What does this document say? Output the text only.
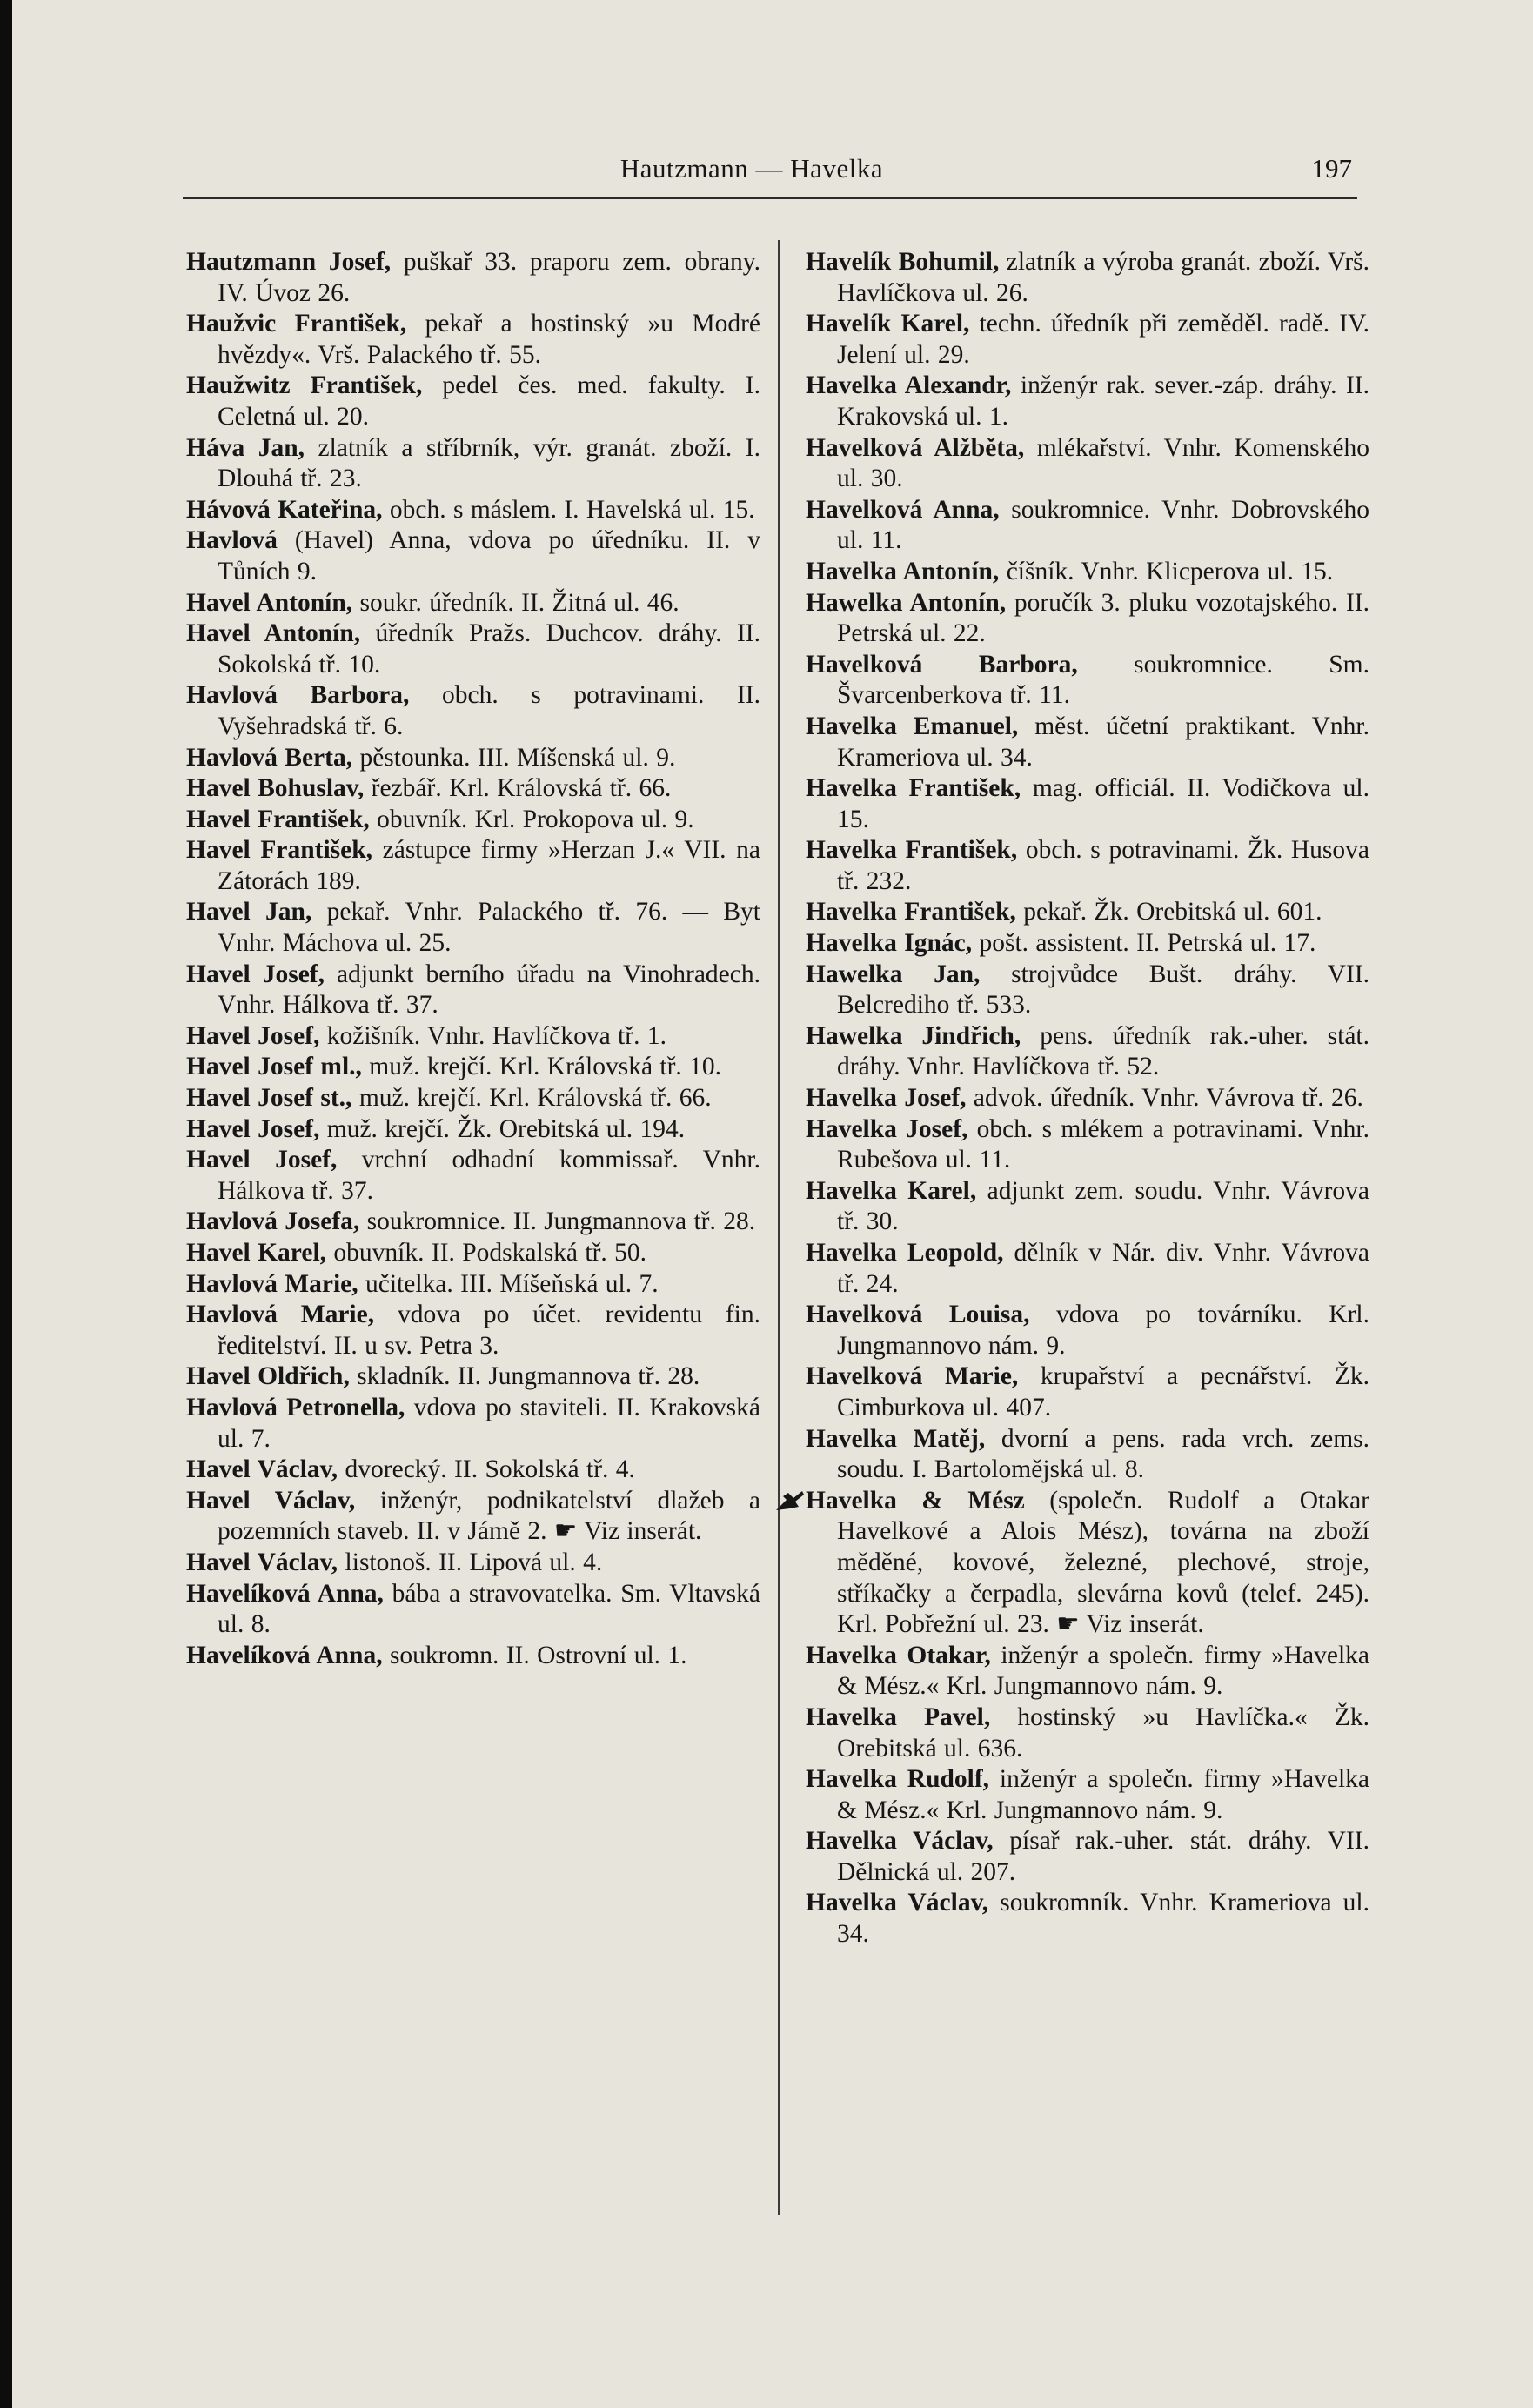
Hautzmann — Havelka	197
Hautzmann Josef, puškař 33. praporu zem. obrany. IV. Úvoz 26.
Haužvic František, pekař a hostinský »u Modré hvězdy«. Vrš. Palackého tř. 55.
Haužwitz František, pedel čes. med. fakulty. I. Celetná ul. 20.
Háva Jan, zlatník a stříbrník, výr. granát. zboží. I. Dlouhá tř. 23.
Hávová Kateřina, obch. s máslem. I. Havelská ul. 15.
Havlová (Havel) Anna, vdova po úředníku. II. v Tůních 9.
Havel Antonín, soukr. úředník. II. Žitná ul. 46.
Havel Antonín, úředník Pražs. Duchcov. dráhy. II. Sokolská tř. 10.
Havlová Barbora, obch. s potravinami. II. Vyšehradská tř. 6.
Havlová Berta, pěstounka. III. Míšenská ul. 9.
Havel Bohuslav, řezbář. Krl. Královská tř. 66.
Havel František, obuvník. Krl. Prokopova ul. 9.
Havel František, zástupce firmy »Herzan J.« VII. na Zátorách 189.
Havel Jan, pekař. Vnhr. Palackého tř. 76. — Byt Vnhr. Máchova ul. 25.
Havel Josef, adjunkt berního úřadu na Vinohradech. Vnhr. Hálkova tř. 37.
Havel Josef, kožišník. Vnhr. Havlíčkova tř. 1.
Havel Josef ml., muž. krejčí. Krl. Královská tř. 10.
Havel Josef st., muž. krejčí. Krl. Královská tř. 66.
Havel Josef, muž. krejčí. Žk. Orebitská ul. 194.
Havel Josef, vrchní odhadní kommissař. Vnhr. Hálkova tř. 37.
Havlová Josefa, soukromnice. II. Jungmannova tř. 28.
Havel Karel, obuvník. II. Podskalská tř. 50.
Havlová Marie, učitelka. III. Míšeňská ul. 7.
Havlová Marie, vdova po účet. revidentu fin. ředitelství. II. u sv. Petra 3.
Havel Oldřich, skladník. II. Jungmannova tř. 28.
Havlová Petronella, vdova po staviteli. II. Krakovská ul. 7.
Havel Václav, dvorecký. II. Sokolská tř. 4.
Havel Václav, inženýr, podnikatelství dlažeb a pozemních staveb. II. v Jámě 2. ☛ Viz inserát.
Havel Václav, listonoš. II. Lipová ul. 4.
Havelíková Anna, bába a stravovatelka. Sm. Vltavská ul. 8.
Havelíková Anna, soukromn. II. Ostrovní ul. 1.
Havelík Bohumil, zlatník a výroba granát. zboží. Vrš. Havlíčkova ul. 26.
Havelík Karel, techn. úředník při zeměděl. radě. IV. Jelení ul. 29.
Havelka Alexandr, inženýr rak. sever.-záp. dráhy. II. Krakovská ul. 1.
Havelková Alžběta, mlékařství. Vnhr. Komenského ul. 30.
Havelková Anna, soukromnice. Vnhr. Dobrovského ul. 11.
Havelka Antonín, číšník. Vnhr. Klicperova ul. 15.
Hawelka Antonín, poručík 3. pluku vozotajského. II. Petrská ul. 22.
Havelková Barbora, soukromnice. Sm. Švarcenberkova tř. 11.
Havelka Emanuel, měst. účetní praktikant. Vnhr. Krameriova ul. 34.
Havelka František, mag. officiál. II. Vodičkova ul. 15.
Havelka František, obch. s potravinami. Žk. Husova tř. 232.
Havelka František, pekař. Žk. Orebitská ul. 601.
Havelka Ignác, pošt. assistent. II. Petrská ul. 17.
Hawelka Jan, strojvůdce Bušt. dráhy. VII. Belcrediho tř. 533.
Hawelka Jindřich, pens. úředník rak.-uher. stát. dráhy. Vnhr. Havlíčkova tř. 52.
Havelka Josef, advok. úředník. Vnhr. Vávrova tř. 26.
Havelka Josef, obch. s mlékem a potravinami. Vnhr. Rubešova ul. 11.
Havelka Karel, adjunkt zem. soudu. Vnhr. Vávrova tř. 30.
Havelka Leopold, dělník v Nár. div. Vnhr. Vávrova tř. 24.
Havelková Louisa, vdova po továrníku. Krl. Jungmannovo nám. 9.
Havelková Marie, krupařství a pecnářství. Žk. Cimburkova ul. 407.
Havelka Matěj, dvorní a pens. rada vrch. zems. soudu. I. Bartolomějská ul. 8.
Havelka & Mész (společn. Rudolf a Otakar Havelkové a Alois Mész), továrna na zboží měděné, kovové, železné, plechové, stroje, stříkačky a čerpadla, slevárna kovů (telef. 245). Krl. Pobřežní ul. 23. ☛ Viz inserát.
Havelka Otakar, inženýr a společn. firmy »Havelka & Mész.« Krl. Jungmannovo nám. 9.
Havelka Pavel, hostinský »u Havlíčka.« Žk. Orebitská ul. 636.
Havelka Rudolf, inženýr a společn. firmy »Havelka & Mész.« Krl. Jungmannovo nám. 9.
Havelka Václav, písař rak.-uher. stát. dráhy. VII. Dělnická ul. 207.
Havelka Václav, soukromník. Vnhr. Krameriova ul. 34.
